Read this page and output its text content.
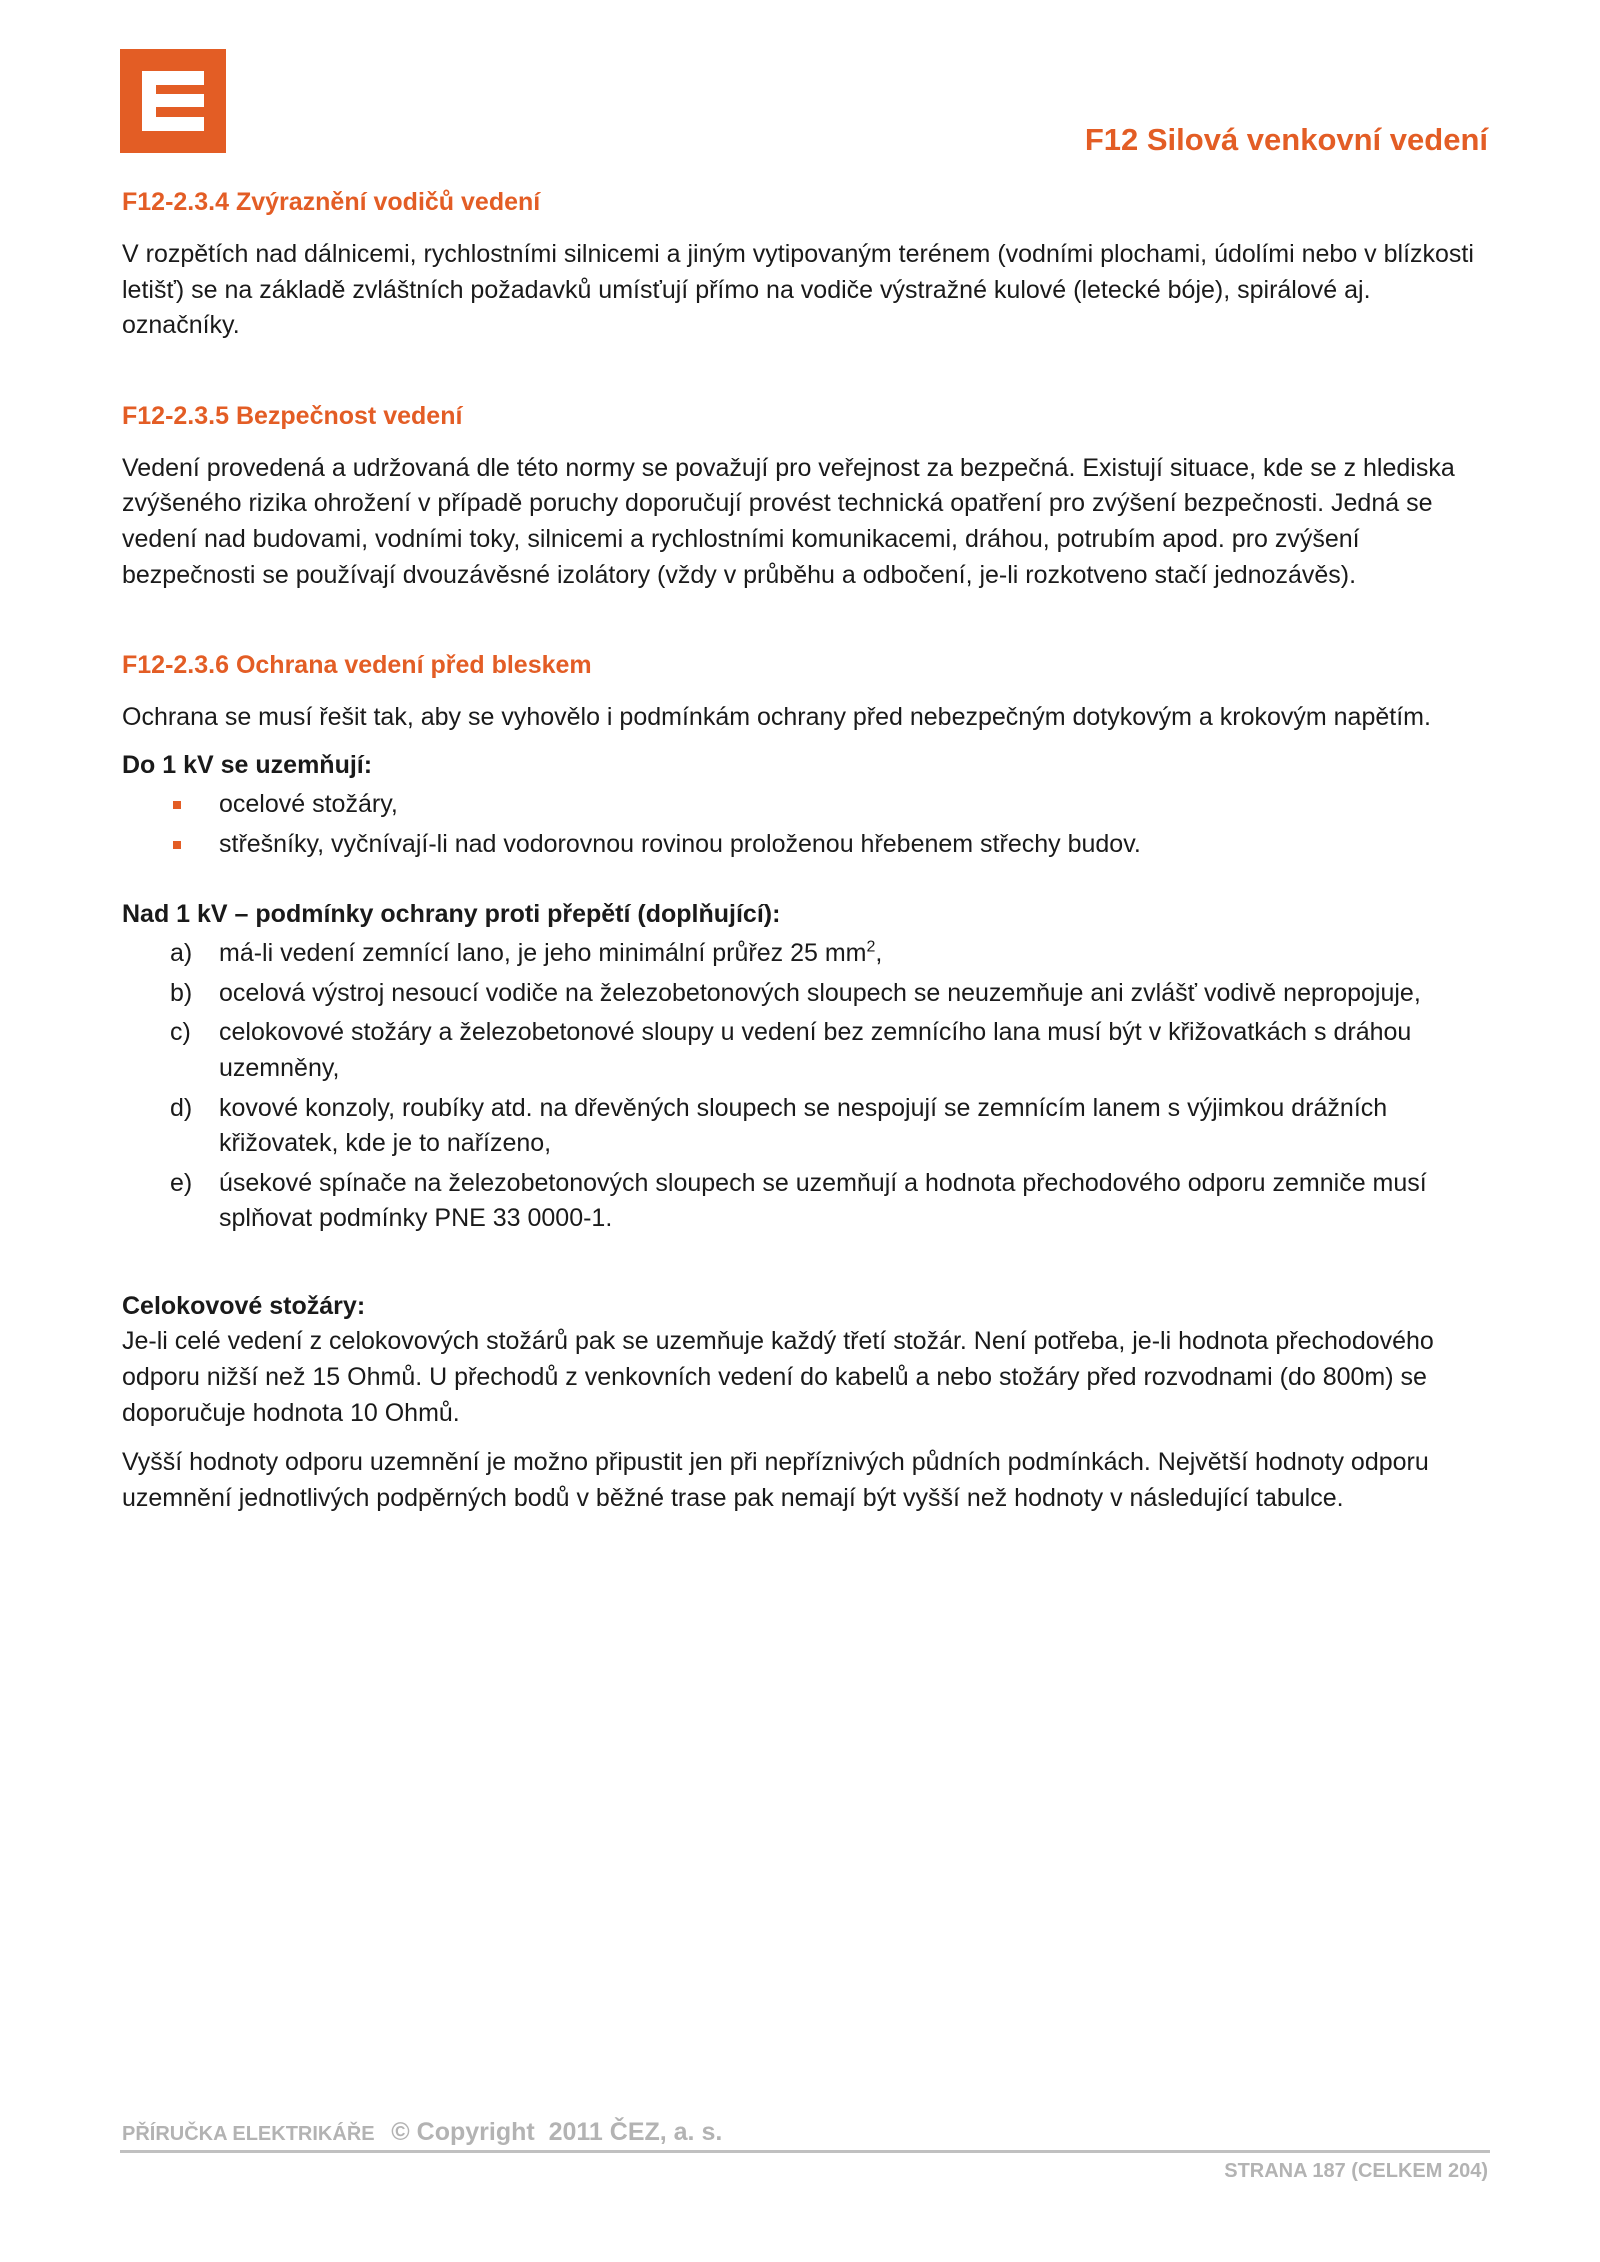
F12 Silová venkovní vedení
F12-2.3.4 Zvýraznění vodičů vedení

V rozpětích nad dálnicemi, rychlostními silnicemi a jiným vytipovaným terénem (vodními plochami, údolími nebo v blízkosti letišť) se na základě zvláštních požadavků umísťují přímo na vodiče výstražné kulové (letecké bóje), spirálové aj. označníky.

F12-2.3.5 Bezpečnost vedení

Vedení provedená a udržovaná dle této normy se považují pro veřejnost za bezpečná. Existují situace, kde se z hlediska zvýšeného rizika ohrožení v případě poruchy doporučují provést technická opatření pro zvýšení bezpečnosti. Jedná se vedení nad budovami, vodními toky, silnicemi a rychlostními komunikacemi, dráhou, potrubím apod. pro zvýšení bezpečnosti se používají dvouzávěsné izolátory (vždy v průběhu a odbočení, je-li rozkotveno stačí jednozávěs).

F12-2.3.6 Ochrana vedení před bleskem

Ochrana se musí řešit tak, aby se vyhovělo i podmínkám ochrany před nebezpečným dotykovým a krokovým napětím.

Do 1 kV se uzemňují:

ocelové stožáry,
střešníky, vyčnívají-li nad vodorovnou rovinou proloženou hřebenem střechy budov.

Nad 1 kV – podmínky ochrany proti přepětí (doplňující):

a) má-li vedení zemnící lano, je jeho minimální průřez 25 $mm^2$,
b) ocelová výstroj nesoucí vodiče na železobetonových sloupech se neuzemňuje ani zvlášť vodivě nepropojuje,
c) celokovové stožáry a železobetonové sloupy u vedení bez zemnícího lana musí být v křižovatkách s dráhou uzemněny,
d) kovové konzoly, roubíky atd. na dřevěných sloupech se nespojují se zemnícím lanem s výjimkou drážních křižovatek, kde je to nařízeno,
e) úsekové spínače na železobetonových sloupech se uzemňují a hodnota přechodového odporu zemniče musí splňovat podmínky PNE 33 0000-1.

Celokovové stožáry:

Je-li celé vedení z celokovových stožárů pak se uzemňuje každý třetí stožár. Není potřeba, je-li hodnota přechodového odporu nižší než 15 Ohmů. U přechodů z venkovních vedení do kabelů a nebo stožáry před rozvodnami (do 800m) se doporučuje hodnota 10 Ohmů.

Vyšší hodnoty odporu uzemnění je možno připustit jen při nepříznivých půdních podmínkách. Největší hodnoty odporu uzemnění jednotlivých podpěrných bodů v běžné trase pak nemají být vyšší než hodnoty v následující tabulce.

PŘÍRUČKA ELEKTRIKÁŘE © Copyright  2011 ČEZ, a. s.

STRANA 187 (CELKEM 204)
